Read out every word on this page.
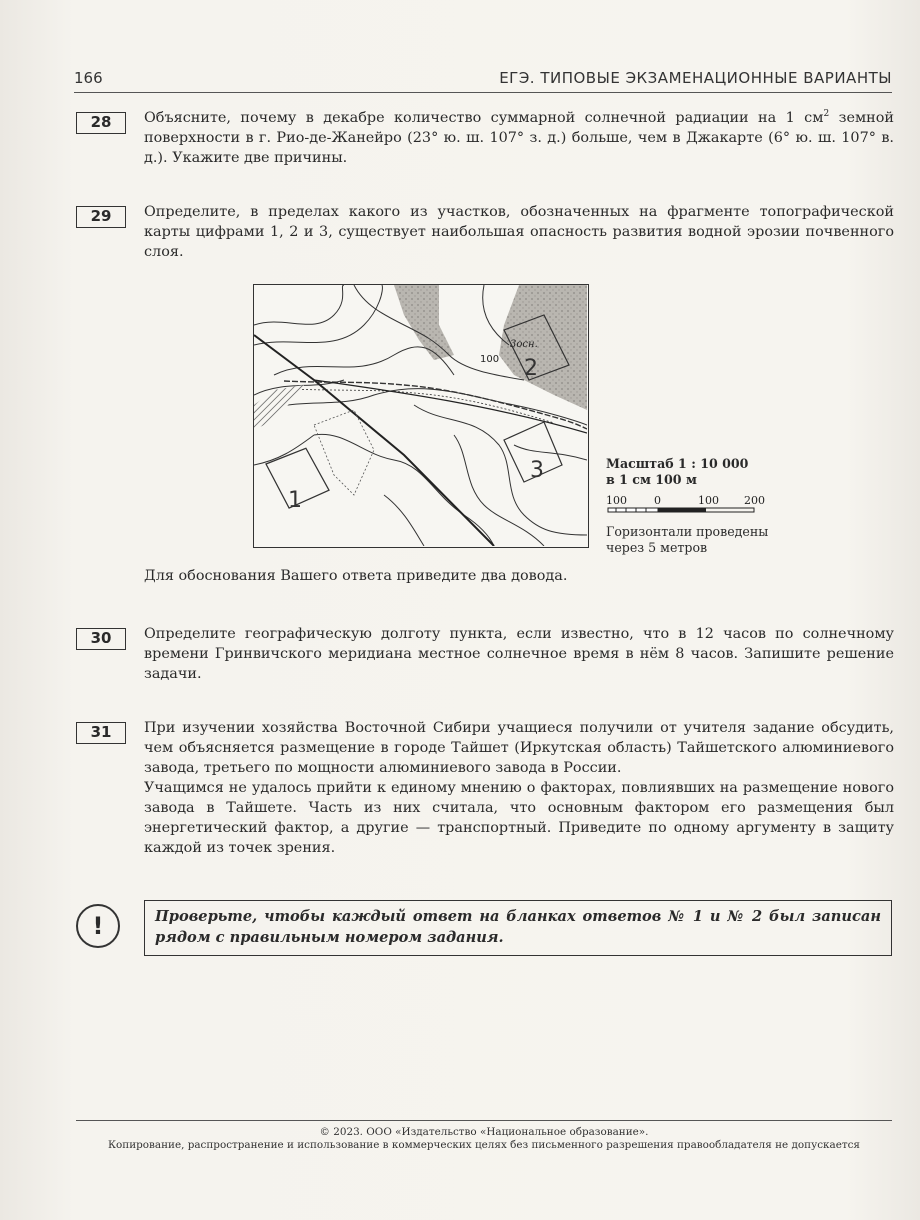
166	ЕГЭ. ТИПОВЫЕ ЭКЗАМЕНАЦИОННЫЕ ВАРИАНТЫ
28	Объясните, почему в декабре количество суммарной солнечной радиации на 1 $см^2$ земной поверхности в г. Рио-де-Жанейро (23° ю. ш. 107° з. д.) больше, чем в Джакарте (6° ю. ш. 107° в. д.). Укажите две причины.

29	Определите, в пределах какого из участков, обозначенных на фрагменте топографической карты цифрами 1, 2 и 3, существует наибольшая опасность развития водной эрозии почвенного слоя.

1
2
3
100
3осн.
Масштаб 1 : 10 000
в 1 см 100 м
100 0	100 200
Горизонтали проведены
через 5 метров
Для обоснования Вашего ответа приведите два довода.
30	Определите географическую долготу пункта, если известно, что в 12 часов по солнечному времени Гринвичского меридиана местное солнечное время в нём 8 часов. Запишите решение задачи.

31	При изучении хозяйства Восточной Сибири учащиеся получили от учителя задание обсудить, чем объясняется размещение в городе Тайшет (Иркутская область) Тайшетского алюминиевого завода, третьего по мощности алюминиевого завода в России.

Учащимся не удалось прийти к единому мнению о факторах, повлиявших на размещение нового завода в Тайшете. Часть из них считала, что основным фактором его размещения был энергетический фактор, а другие — транспортный. Приведите по одному аргументу в защиту каждой из точек зрения.

!	Проверьте, чтобы каждый ответ на бланках ответов № 1 и № 2 был записан рядом с правильным номером задания.
© 2023. ООО «Издательство «Национальное образование».
Копирование, распространение и использование в коммерческих целях без письменного разрешения правообладателя не допускается
